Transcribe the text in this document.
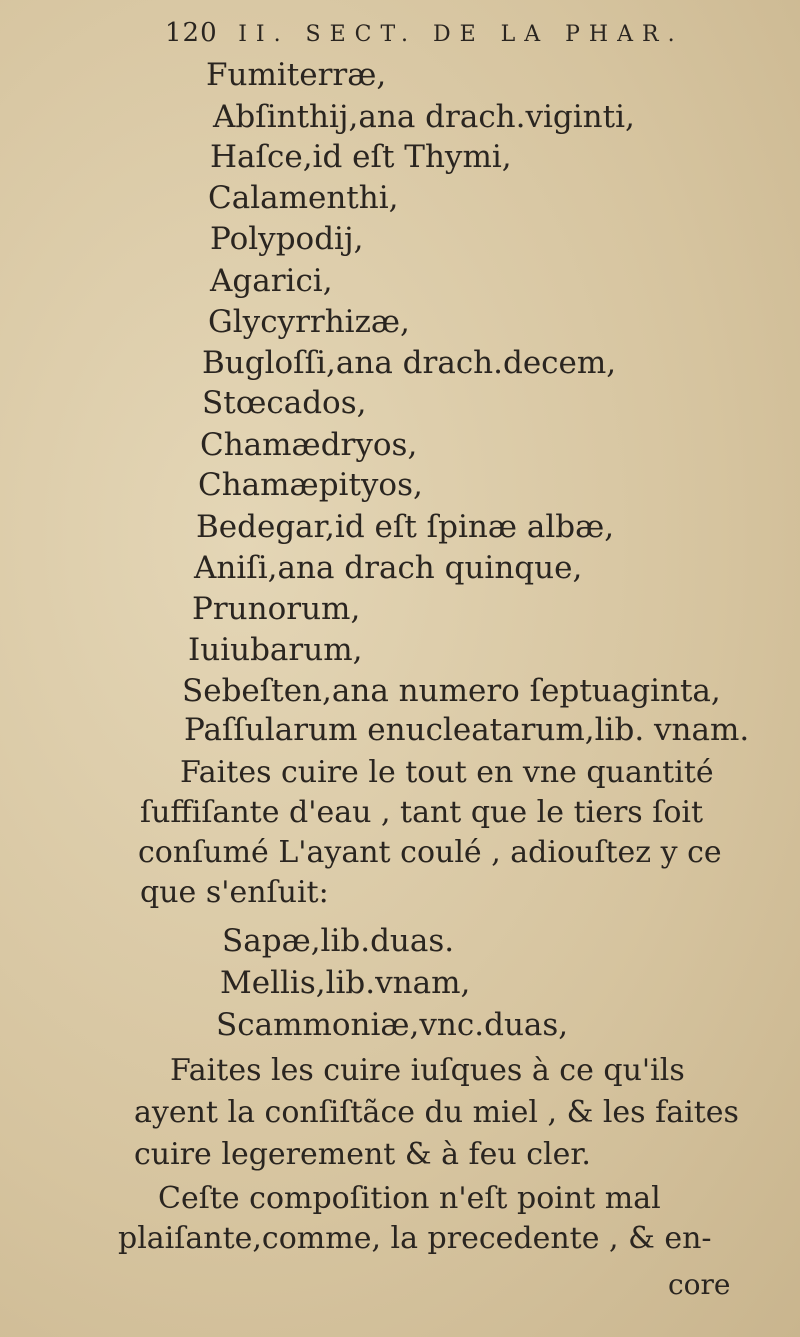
120 II. SECT. DE LA PHAR.
Fumiterræ,
Abſinthij,ana drach.viginti,
Haſce,id eſt Thymi,
Calamenthi,
Polypodij,
Agarici,
Glycyrrhizæ,
Bugloſſi,ana drach.decem,
Stœcados,
Chamædryos,
Chamæpityos,
Bedegar,id eſt ſpinæ albæ,
Aniſi,ana drach quinque,
Prunorum,
Iuiubarum,
Sebeſten,ana numero ſeptuaginta,
Paſſularum enucleatarum,lib. vnam.
Faites cuire le tout en vne quantité
ſuffiſante d'eau , tant que le tiers ſoit
conſumé L'ayant coulé , adiouſtez y ce
que s'enſuit:
Sapæ,lib.duas.
Mellis,lib.vnam,
Scammoniæ,vnc.duas,
Faites les cuire iuſques à ce qu'ils
ayent la conſiſtãce du miel , & les faites
cuire legerement & à feu cler.
Ceſte compoſition n'eſt point mal
plaiſante,comme, la precedente , & en-
core
